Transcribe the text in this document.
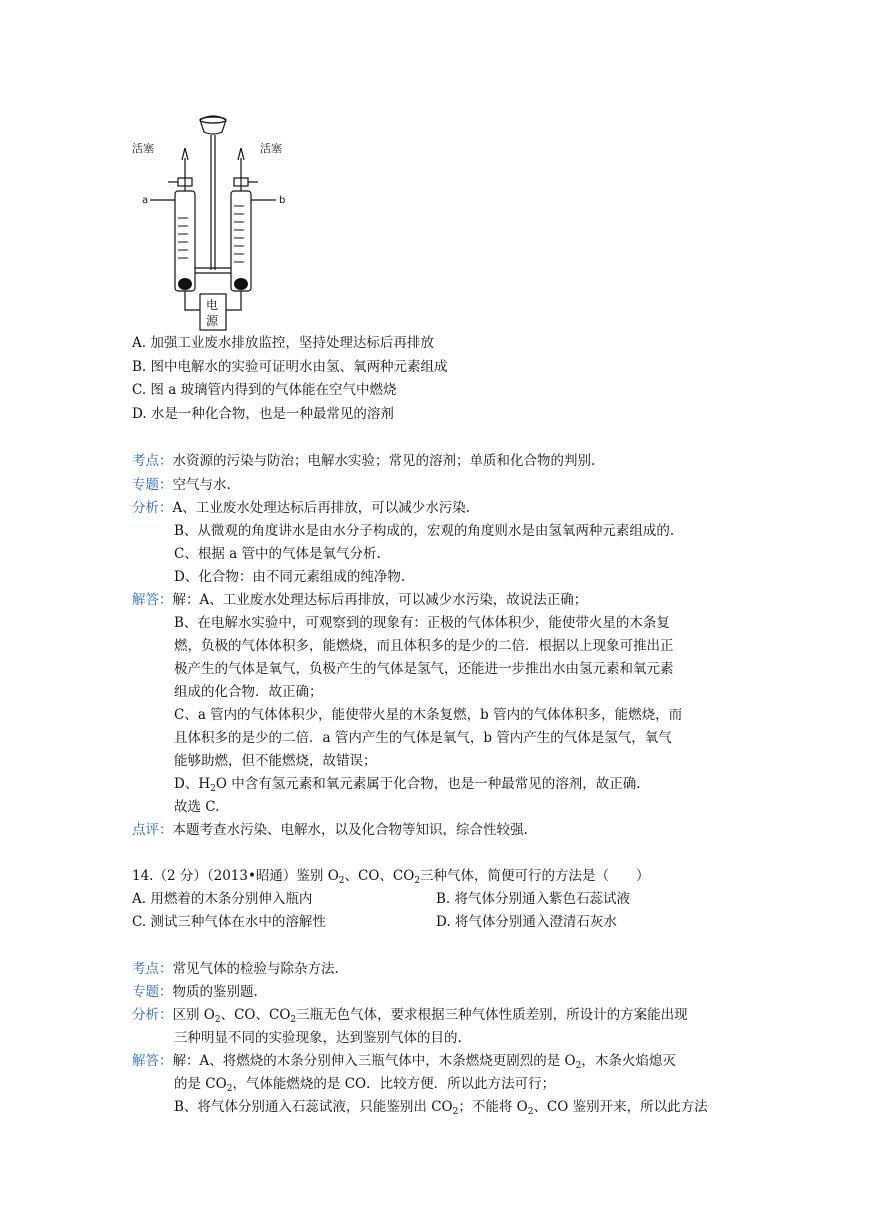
活塞	活塞
a	b
电
源
A. 加强工业废水排放监控，坚持处理达标后再排放
B. 图中电解水的实验可证明水由氢、氧两种元素组成
C. 图 a 玻璃管内得到的气体能在空气中燃烧
D. 水是一种化合物，也是一种最常见的溶剂
考点：水资源的污染与防治；电解水实验；常见的溶剂；单质和化合物的判别.
专题：空气与水.
分析：A、工业废水处理达标后再排放，可以减少水污染.
B、从微观的角度讲水是由水分子构成的，宏观的角度则水是由氢氧两种元素组成的.
C、根据 a 管中的气体是氧气分析.
D、化合物：由不同元素组成的纯净物.
解答：解：A、工业废水处理达标后再排放，可以减少水污染，故说法正确；
B、在电解水实验中，可观察到的现象有：正极的气体体积少，能使带火星的木条复
燃，负极的气体体积多，能燃烧，而且体积多的是少的二倍．根据以上现象可推出正
极产生的气体是氧气，负极产生的气体是氢气，还能进一步推出水由氢元素和氧元素
组成的化合物．故正确；
C、a 管内的气体体积少，能使带火星的木条复燃，b 管内的气体体积多，能燃烧，而
且体积多的是少的二倍．a 管内产生的气体是氧气，b 管内产生的气体是氢气，氧气
能够助燃，但不能燃烧，故错误；
D、$H_2O$ 中含有氢元素和氧元素属于化合物，也是一种最常见的溶剂，故正确.
故选 C.
点评：本题考查水污染、电解水，以及化合物等知识，综合性较强.
14.（2 分）（2013•昭通）鉴别 $O_2$、CO、$CO_2$三种气体，简便可行的方法是（　　）
A. 用燃着的木条分别伸入瓶内	B. 将气体分别通入紫色石蕊试液
C. 测试三种气体在水中的溶解性	D. 将气体分别通入澄清石灰水
考点：常见气体的检验与除杂方法.
专题：物质的鉴别题.
分析：区别 $O_2$、CO、$CO_2$三瓶无色气体，要求根据三种气体性质差别，所设计的方案能出现
三种明显不同的实验现象，达到鉴别气体的目的.
解答：解：A、将燃烧的木条分别伸入三瓶气体中，木条燃烧更剧烈的是 $O_2$，木条火焰熄灭
的是 $CO_2$，气体能燃烧的是 CO．比较方便．所以此方法可行；
B、将气体分别通入石蕊试液，只能鉴别出 $CO_2$；不能将 $O_2$、CO 鉴别开来，所以此方法
